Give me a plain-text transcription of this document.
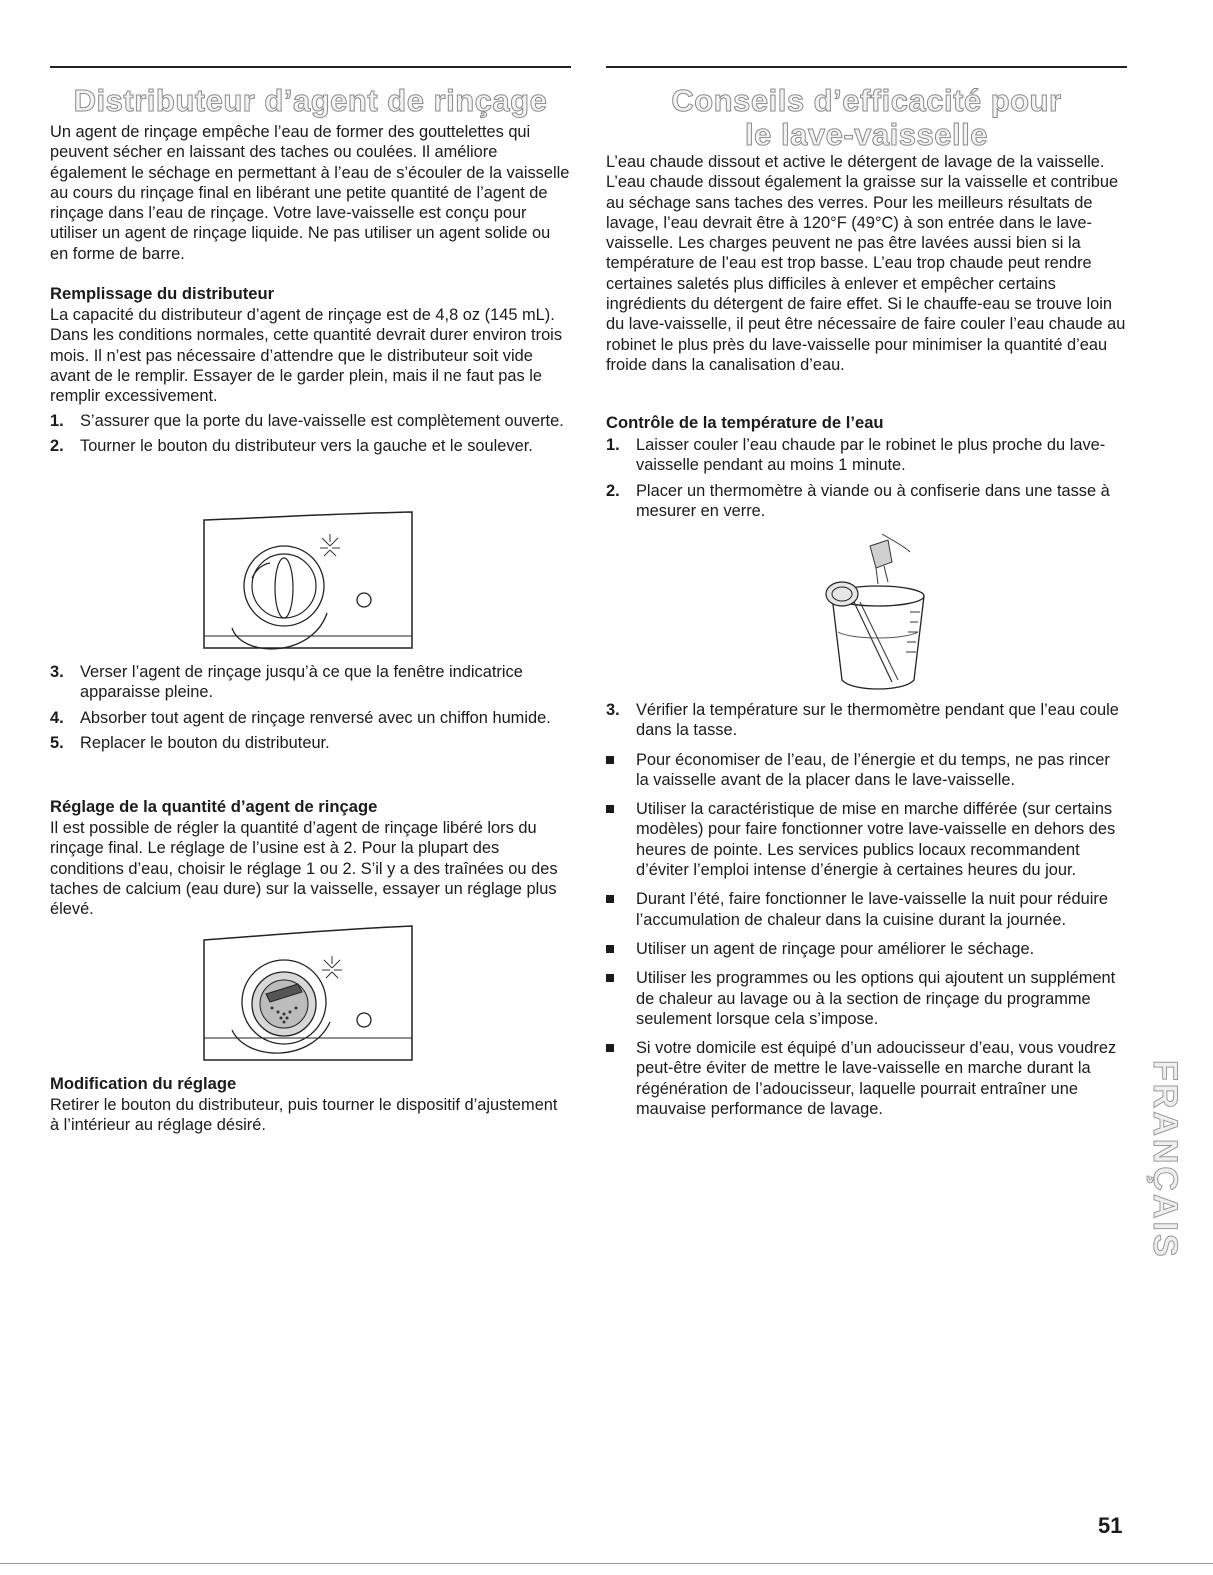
Distributeur d’agent de rinçage

Un agent de rinçage empêche l’eau de former des gouttelettes qui peuvent sécher en laissant des taches ou coulées. Il améliore également le séchage en permettant à l’eau de s’écouler de la vaisselle au cours du rinçage final en libérant une petite quantité de l’agent de rinçage dans l’eau de rinçage. Votre lave-vaisselle est conçu pour utiliser un agent de rinçage liquide. Ne pas utiliser un agent solide ou en forme de barre.

Remplissage du distributeur

La capacité du distributeur d’agent de rinçage est de 4,8 oz (145 mL). Dans les conditions normales, cette quantité devrait durer environ trois mois. Il n’est pas nécessaire d’attendre que le distributeur soit vide avant de le remplir. Essayer de le garder plein, mais il ne faut pas le remplir excessivement.

1. S’assurer que la porte du lave-vaisselle est complètement ouverte.
2. Tourner le bouton du distributeur vers la gauche et le soulever.
3. Verser l’agent de rinçage jusqu’à ce que la fenêtre indicatrice apparaisse pleine.
4. Absorber tout agent de rinçage renversé avec un chiffon humide.
5. Replacer le bouton du distributeur.
Réglage de la quantité d’agent de rinçage

Il est possible de régler la quantité d’agent de rinçage libéré lors du rinçage final. Le réglage de l’usine est à 2. Pour la plupart des conditions d’eau, choisir le réglage 1 ou 2. S’il y a des traînées ou des taches de calcium (eau dure) sur la vaisselle, essayer un réglage plus élevé.

Modification du réglage

Retirer le bouton du distributeur, puis tourner le dispositif d’ajustement à l’intérieur au réglage désiré.

Conseils d’efficacité pour
le lave-vaisselle

L’eau chaude dissout et active le détergent de lavage de la vaisselle. L’eau chaude dissout également la graisse sur la vaisselle et contribue au séchage sans taches des verres. Pour les meilleurs résultats de lavage, l’eau devrait être à 120°F (49°C) à son entrée dans le lave-vaisselle. Les charges peuvent ne pas être lavées aussi bien si la température de l’eau est trop basse. L’eau trop chaude peut rendre certaines saletés plus difficiles à enlever et empêcher certains ingrédients du détergent de faire effet. Si le chauffe-eau se trouve loin du lave-vaisselle, il peut être nécessaire de faire couler l’eau chaude au robinet le plus près du lave-vaisselle pour minimiser la quantité d’eau froide dans la canalisation d’eau.

Contrôle de la température de l’eau
1. Laisser couler l’eau chaude par le robinet le plus proche du lave-vaisselle pendant au moins 1 minute.
2. Placer un thermomètre à viande ou à confiserie dans une tasse à mesurer en verre.
3. Vérifier la température sur le thermomètre pendant que l’eau coule dans la tasse.
Pour économiser de l’eau, de l’énergie et du temps, ne pas rincer la vaisselle avant de la placer dans le lave-vaisselle.
Utiliser la caractéristique de mise en marche différée (sur certains modèles) pour faire fonctionner votre lave-vaisselle en dehors des heures de pointe. Les services publics locaux recommandent d’éviter l’emploi intense d’énergie à certaines heures du jour.
Durant l’été, faire fonctionner le lave-vaisselle la nuit pour réduire l’accumulation de chaleur dans la cuisine durant la journée.
Utiliser un agent de rinçage pour améliorer le séchage.
Utiliser les programmes ou les options qui ajoutent un supplément de chaleur au lavage ou à la section de rinçage du programme seulement lorsque cela s’impose.
Si votre domicile est équipé d’un adoucisseur d’eau, vous voudrez peut-être éviter de mettre le lave-vaisselle en marche durant la régénération de l’adoucisseur, laquelle pourrait entraîner une mauvaise performance de lavage.	FRANÇAIS
51
